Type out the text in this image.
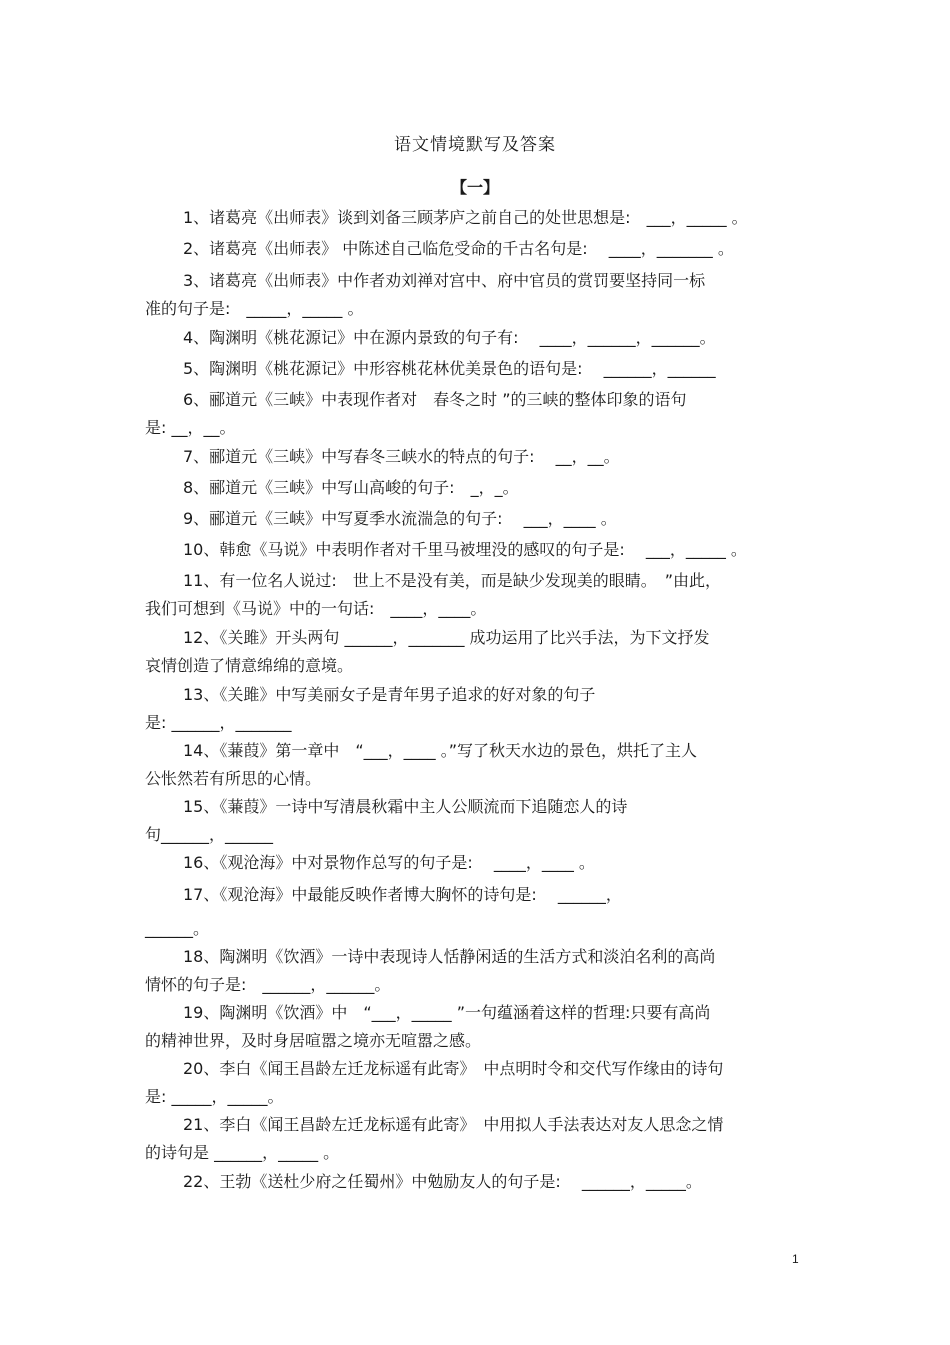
语文情境默写及答案
【一】
1、诸葛亮《出师表》谈到刘备三顾茅庐之前自己的处世思想是:　___，_____ 。
2、诸葛亮《出师表》 中陈述自己临危受命的千古名句是:　 ____，_______ 。
3、诸葛亮《出师表》中作者劝刘禅对宫中、府中官员的赏罚要坚持同一标
准的句子是:　_____，_____ 。
4、陶渊明《桃花源记》中在源内景致的句子有:　 ____，______，______。
5、陶渊明《桃花源记》中形容桃花林优美景色的语句是:　 ______，______
6、郦道元《三峡》中表现作者对　春冬之时 ”的三峡的整体印象的语句
是: __，__。
7、郦道元《三峡》中写春冬三峡水的特点的句子:　 __，__。
8、郦道元《三峡》中写山高峻的句子:　_，_。
9、郦道元《三峡》中写夏季水流湍急的句子:　 ___，____ 。
10、韩愈《马说》中表明作者对千里马被埋没的感叹的句子是:　 ___，_____ 。
11、有一位名人说过:　世上不是没有美，而是缺少发现美的眼睛。　”由此，
我们可想到《马说》中的一句话:　____，____。
12、《关雎》开头两句 ______，_______ 成功运用了比兴手法，为下文抒发
哀情创造了情意绵绵的意境。
13、《关雎》中写美丽女子是青年男子追求的好对象的句子
是: ______，_______
14、《蒹葭》第一章中　“___，____ 。”写了秋天水边的景色，烘托了主人
公怅然若有所思的心情。
15、《蒹葭》一诗中写清晨秋霜中主人公顺流而下追随恋人的诗
句______，______
16、《观沧海》中对景物作总写的句子是:　 ____，____ 。
17、《观沧海》中最能反映作者博大胸怀的诗句是:　 ______，
______。
18、陶渊明《饮酒》一诗中表现诗人恬静闲适的生活方式和淡泊名利的高尚
情怀的句子是:　______，______。
19、陶渊明《饮酒》中　“___，_____ ”一句蕴涵着这样的哲理:只要有高尚
的精神世界，及时身居喧嚣之境亦无喧嚣之感。
20、李白《闻王昌龄左迁龙标遥有此寄》　中点明时令和交代写作缘由的诗句
是: _____，_____。
21、李白《闻王昌龄左迁龙标遥有此寄》　中用拟人手法表达对友人思念之情
的诗句是 ______，_____ 。
22、王勃《送杜少府之任蜀州》中勉励友人的句子是:　 ______，_____。
1
